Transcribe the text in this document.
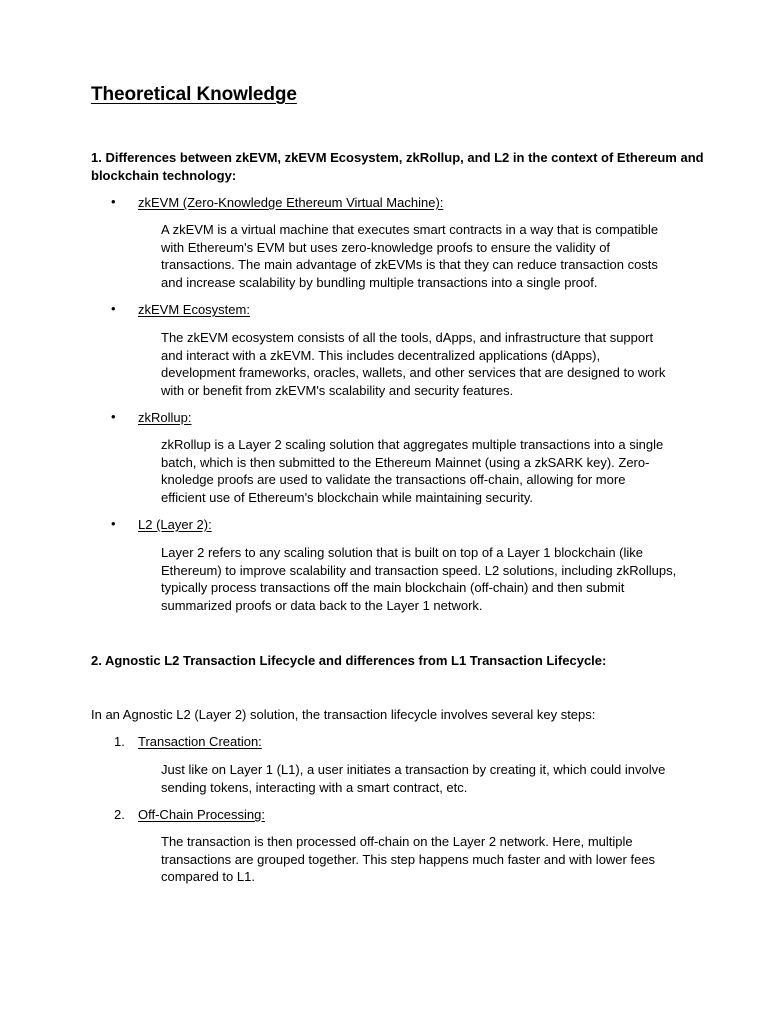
Theoretical Knowledge
1. Differences between zkEVM, zkEVM Ecosystem, zkRollup, and L2 in the context of Ethereum and
blockchain technology:
• zkEVM (Zero-Knowledge Ethereum Virtual Machine):
A zkEVM is a virtual machine that executes smart contracts in a way that is compatible
with Ethereum's EVM but uses zero-knowledge proofs to ensure the validity of
transactions. The main advantage of zkEVMs is that they can reduce transaction costs
and increase scalability by bundling multiple transactions into a single proof.
• zkEVM Ecosystem:
The zkEVM ecosystem consists of all the tools, dApps, and infrastructure that support
and interact with a zkEVM. This includes decentralized applications (dApps),
development frameworks, oracles, wallets, and other services that are designed to work
with or benefit from zkEVM's scalability and security features.
• zkRollup:
zkRollup is a Layer 2 scaling solution that aggregates multiple transactions into a single
batch, which is then submitted to the Ethereum Mainnet (using a zkSARK key). Zero-
knoledge proofs are used to validate the transactions off-chain, allowing for more
efficient use of Ethereum's blockchain while maintaining security.
• L2 (Layer 2):
Layer 2 refers to any scaling solution that is built on top of a Layer 1 blockchain (like
Ethereum) to improve scalability and transaction speed. L2 solutions, including zkRollups,
typically process transactions off the main blockchain (off-chain) and then submit
summarized proofs or data back to the Layer 1 network.
2. Agnostic L2 Transaction Lifecycle and differences from L1 Transaction Lifecycle:
In an Agnostic L2 (Layer 2) solution, the transaction lifecycle involves several key steps:
1. Transaction Creation:
Just like on Layer 1 (L1), a user initiates a transaction by creating it, which could involve
sending tokens, interacting with a smart contract, etc.
2. Off-Chain Processing:
The transaction is then processed off-chain on the Layer 2 network. Here, multiple
transactions are grouped together. This step happens much faster and with lower fees
compared to L1.
